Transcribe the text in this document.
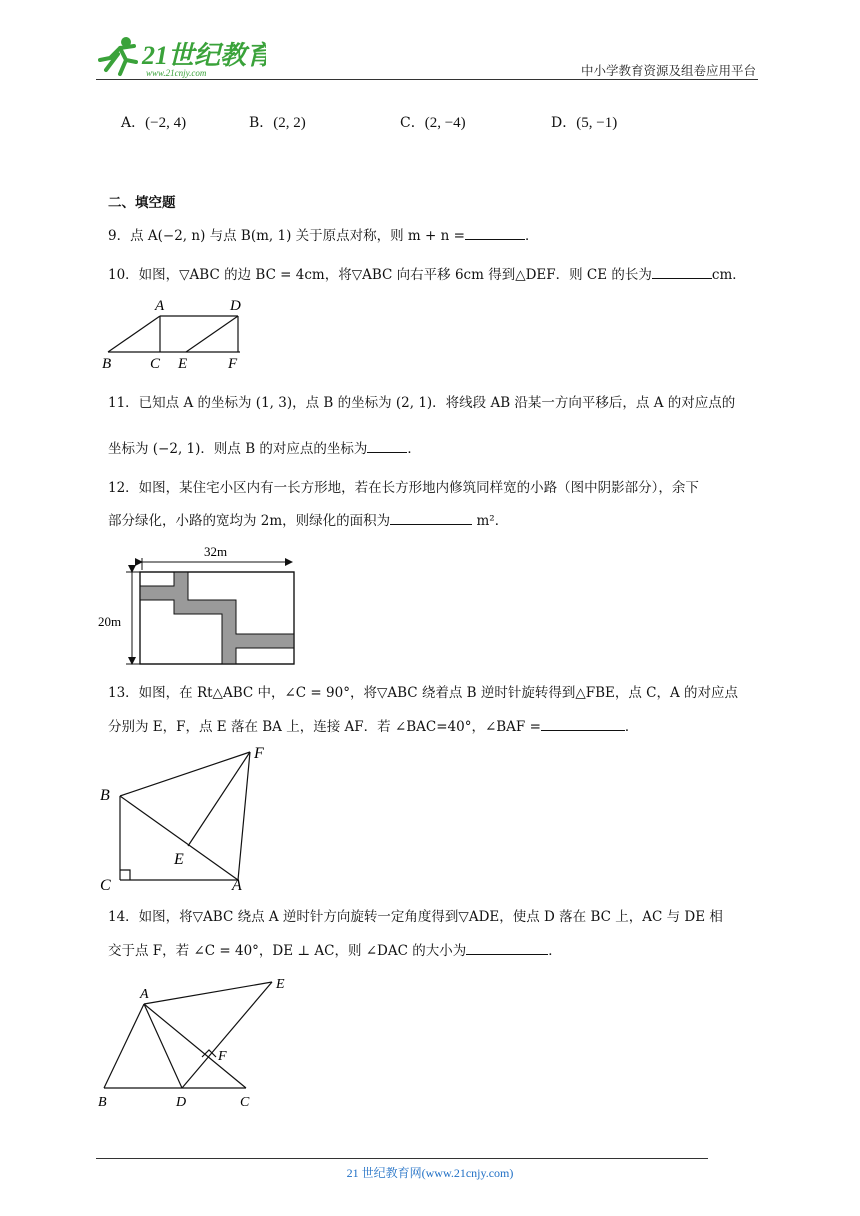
21世纪教育
www.21cnjy.com	中小学教育资源及组卷应用平台
A．(−2, 4)	B．(2, 2)	C．(2, −4)	D．(5, −1)
二、填空题
9．点 A(−2, n) 与点 B(m, 1) 关于原点对称，则 m + n =	．
10．如图，▽ABC 的边 BC = 4cm，将▽ABC 向右平移 6cm 得到△DEF．则 CE 的长为	cm．
A	D
B	C E	F
11．已知点 A 的坐标为 (1, 3)，点 B 的坐标为 (2, 1)．将线段 AB 沿某一方向平移后，点 A 的对应点的
坐标为 (−2, 1)．则点 B 的对应点的坐标为	．
12．如图，某住宅小区内有一长方形地，若在长方形地内修筑同样宽的小路（图中阴影部分），余下
部分绿化，小路的宽均为 2m，则绿化的面积为	m²．
32m
20m
13．如图，在 Rt△ABC 中，∠C = 90°，将▽ABC 绕着点 B 逆时针旋转得到△FBE，点 C，A 的对应点
分别为 E，F，点 E 落在 BA 上，连接 AF．若 ∠BAC=40°，∠BAF =	．
F
B
E
C	A
14．如图，将▽ABC 绕点 A 逆时针方向旋转一定角度得到▽ADE，使点 D 落在 BC 上，AC 与 DE 相
交于点 F，若 ∠C = 40°，DE ⊥ AC，则 ∠DAC 的大小为	．
A
E
F
B	D	C
21 世纪教育网(www.21cnjy.com)
